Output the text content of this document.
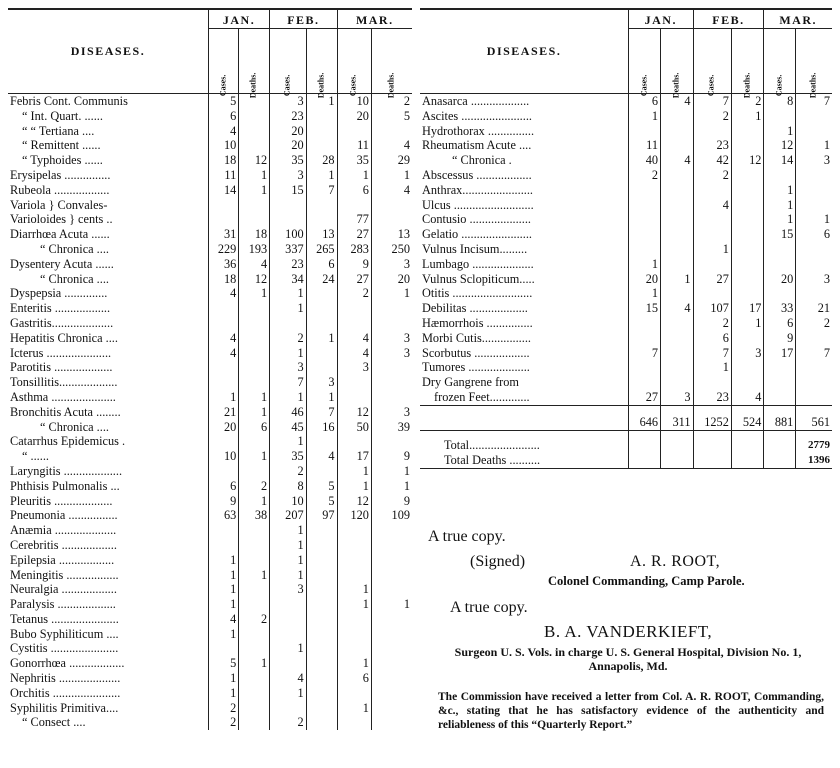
DISEASES.	JAN.		FEB.		MAR.	
	Cases.	Deaths.	Cases.	Deaths.	Cases.	Deaths.
Febris Cont. Communis	5		3	1	10	2
“ Int. Quart. ......	6		23		20	5
“ “ Tertiana ....	4		20			
“ Remittent ......	10		20		11	4
“ Typhoides ......	18	12	35	28	35	29
Erysipelas ...............	11	1	3	1	1	1
Rubeola ..................	14	1	15	7	6	4
Variola } Convales-						
Varioloides } cents ..					77	
Diarrhœa Acuta ......	31	18	100	13	27	13
“ Chronica ....	229	193	337	265	283	250
Dysentery Acuta ......	36	4	23	6	9	3
“ Chronica ....	18	12	34	24	27	20
Dyspepsia ..............	4	1	1		2	1
Enteritis ..................			1			
Gastritis....................						
Hepatitis Chronica ....	4		2	1	4	3
Icterus .....................	4		1		4	3
Parotitis ...................			3		3	
Tonsillitis...................			7	3		
Asthma .....................	1	1	1	1		
Bronchitis Acuta ........	21	1	46	7	12	3
“ Chronica ....	20	6	45	16	50	39
Catarrhus Epidemicus .			1			
“ ......	10	1	35	4	17	9
Laryngitis ...................			2		1	1
Phthisis Pulmonalis ...	6	2	8	5	1	1
Pleuritis ...................	9	1	10	5	12	9
Pneumonia ................	63	38	207	97	120	109
Anæmia ....................			1			
Cerebritis ..................			1			
Epilepsia ..................	1		1			
Meningitis .................	1	1	1			
Neuralgia ..................	1		3		1	
Paralysis ...................	1				1	1
Tetanus ......................	4	2				
Bubo Syphiliticum ....	1					
Cystitis ......................			1			
Gonorrhœa ..................	5	1			1	
Nephritis ....................	1		4		6	
Orchitis ......................	1		1			
Syphilitis Primitiva....	2				1	
“ Consect ....	2		2			
DISEASES.	JAN.		FEB.		MAR.	
	Cases.	Deaths.	Cases.	Deaths.	Cases.	Deaths.
Anasarca ...................	6	4	7	2	8	7
Ascites .......................	1		2	1		
Hydrothorax ...............					1	
Rheumatism Acute ....	11		23		12	1
“ Chronica .	40	4	42	12	14	3
Abscessus ..................	2		2			
Anthrax.......................					1	
Ulcus ..........................			4		1	
Contusio ....................					1	1
Gelatio .......................					15	6
Vulnus Incisum.........			1			
Lumbago ....................	1					
Vulnus Sclopiticum.....	20	1	27		20	3
Otitis ..........................	1					
Debilitas ...................	15	4	107	17	33	21
Hæmorrhois ...............			2	1	6	2
Morbi Cutis................			6		9	
Scorbutus ..................	7		7	3	17	7
Tumores ....................			1			
Dry Gangrene from						
frozen Feet.............	27	3	23	4		
	646	311	1252	524	881	561

Total.......................						2779
Total Deaths ..........						1396
A true copy.
(Signed)	A. R. ROOT,
Colonel Commanding, Camp Parole.
A true copy.
B. A. VANDERKIEFT,
Surgeon U. S. Vols. in charge U. S. General Hospital, Division No. 1, Annapolis, Md.
The Commission have received a letter from Col. A. R. ROOT, Commanding, &c., stating that he has satisfactory evidence of the authenticity and reliableness of this “Quarterly Report.”
